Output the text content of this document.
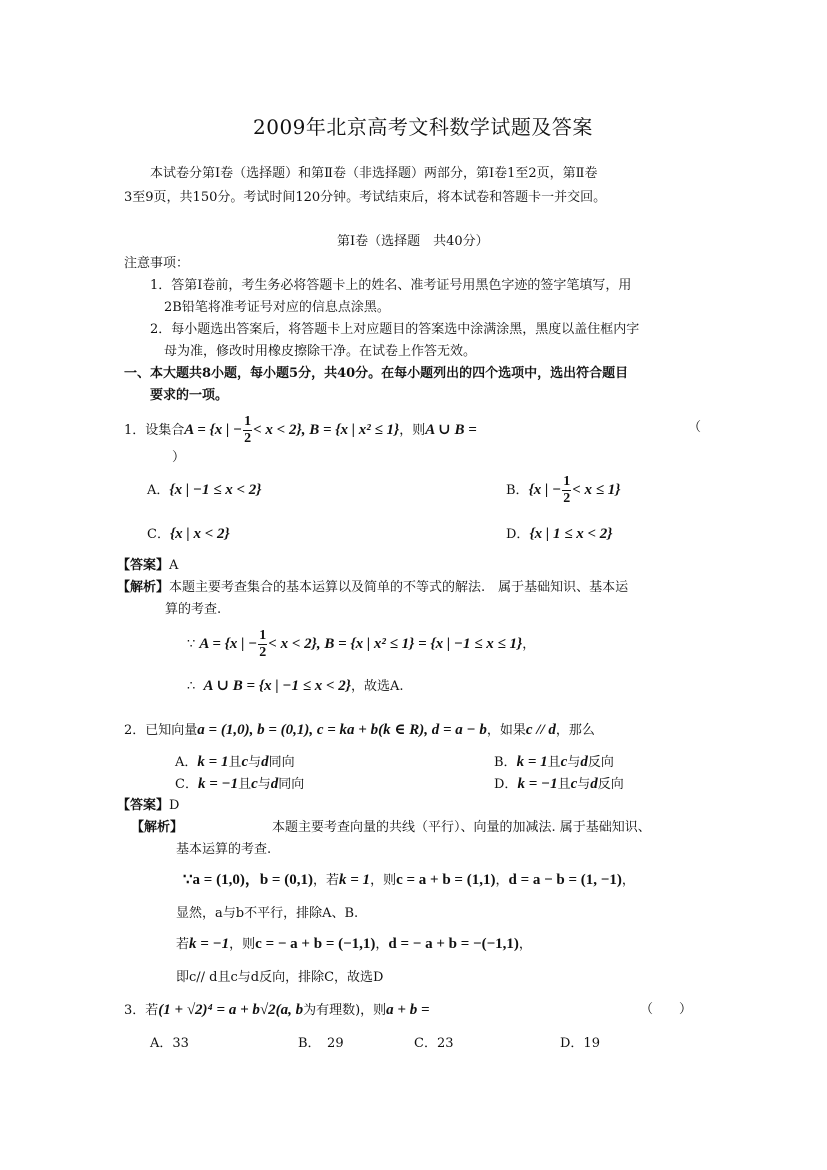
2009年北京高考文科数学试题及答案
本试卷分第Ⅰ卷（选择题）和第Ⅱ卷（非选择题）两部分，第Ⅰ卷1至2页，第Ⅱ卷
3至9页，共150分。考试时间120分钟。考试结束后，将本试卷和答题卡一并交回。
第Ⅰ卷（选择题　共40分）
注意事项：
1．答第Ⅰ卷前，考生务必将答题卡上的姓名、准考证号用黑色字迹的签字笔填写，用
2B铅笔将准考证号对应的信息点涂黑。
2．每小题选出答案后，将答题卡上对应题目的答案选中涂满涂黑，黑度以盖住框内字
母为准，修改时用橡皮擦除干净。在试卷上作答无效。
一、本大题共8小题，每小题5分，共40分。在每小题列出的四个选项中，选出符合题目
要求的一项。
1．设集合A = {x | − $\frac{1}{2} < x < 2$}, B = {x | x² ≤ 1}，则A ∪ B =	（
）
A．{x | −1 ≤ x < 2}	B．{x | − $\frac{1}{2} < x \le 1$}
C．{x | x < 2}	D．{x | 1 ≤ x < 2}
【答案】A
【解析】本题主要考查集合的基本运算以及简单的不等式的解法.　属于基础知识、基本运
算的考查.
∵ A = {x | − $\frac{1}{2} < x < 2$}, B = {x | x² ≤ 1} = {x | −1 ≤ x ≤ 1}，
∴ A ∪ B = {x | −1 ≤ x < 2}，故选A.
2．已知向量a = (1,0), b = (0,1), c = ka + b(k ∈ R), d = a − b，如果c // d，那么
A．k = 1且c与d同向	B．k = 1且c与d反向
C．k = −1且c与d同向	D．k = −1且c与d反向
【答案】D
【解析】	本题主要考查向量的共线（平行）、向量的加减法. 属于基础知识、
基本运算的考查.
∵a = (1,0)，b = (0,1)，若k = 1，则c = a + b = (1,1)，d = a − b = (1, −1)，
显然，a与b不平行，排除A、B.
若k = −1，则c = − a + b = (−1,1)，d = − a + b = −(−1,1)，
即c// d且c与d反向，排除C，故选D
3．若(1 + √2)⁴ = a + b√2(a, b为有理数)，则a + b =	（　　）
A．33	B．　29	C．23	D．19
